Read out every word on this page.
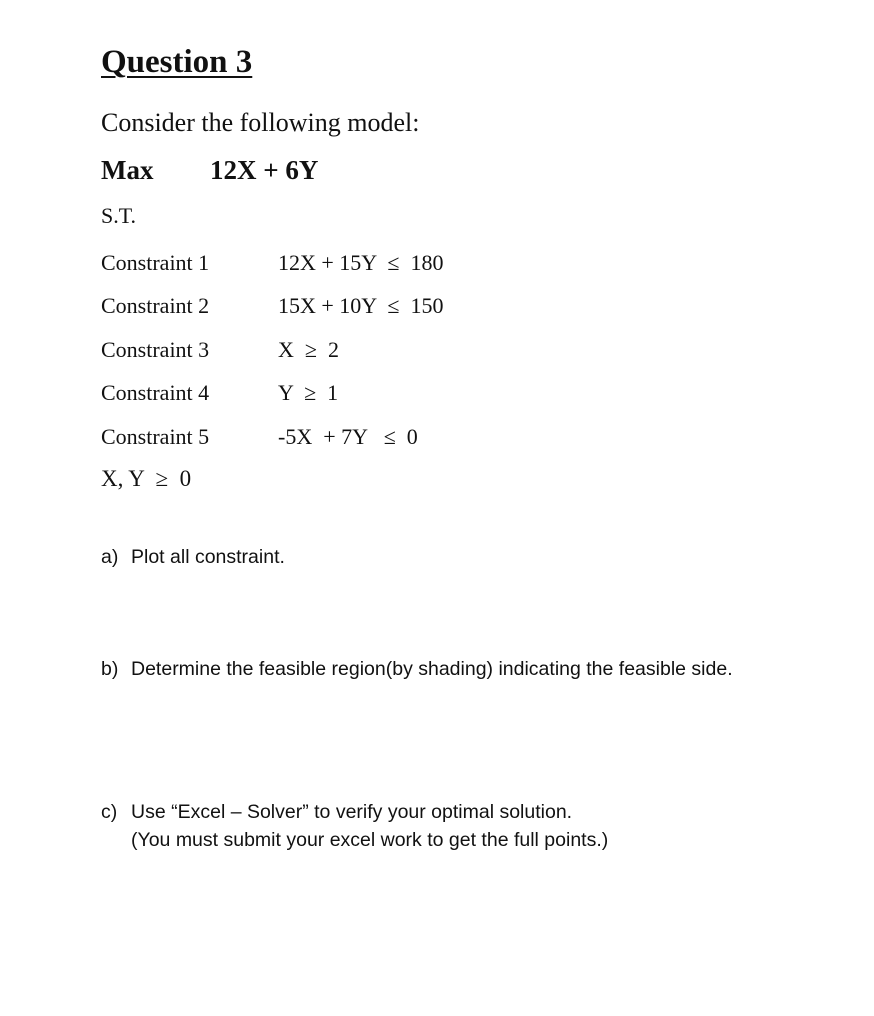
Question 3
Consider the following model:
Max 12X + 6Y
S.T.
Constraint 1	12X + 15Y  ≤  180
Constraint 2	15X + 10Y  ≤  150
Constraint 3	X  ≥  2
Constraint 4	Y  ≥  1
Constraint 5	-5X  + 7Y   ≤  0
X, Y  ≥  0
a) Plot all constraint.
b) Determine the feasible region(by shading) indicating the feasible side.
c) Use “Excel – Solver” to verify your optimal solution.
(You must submit your excel work to get the full points.)
